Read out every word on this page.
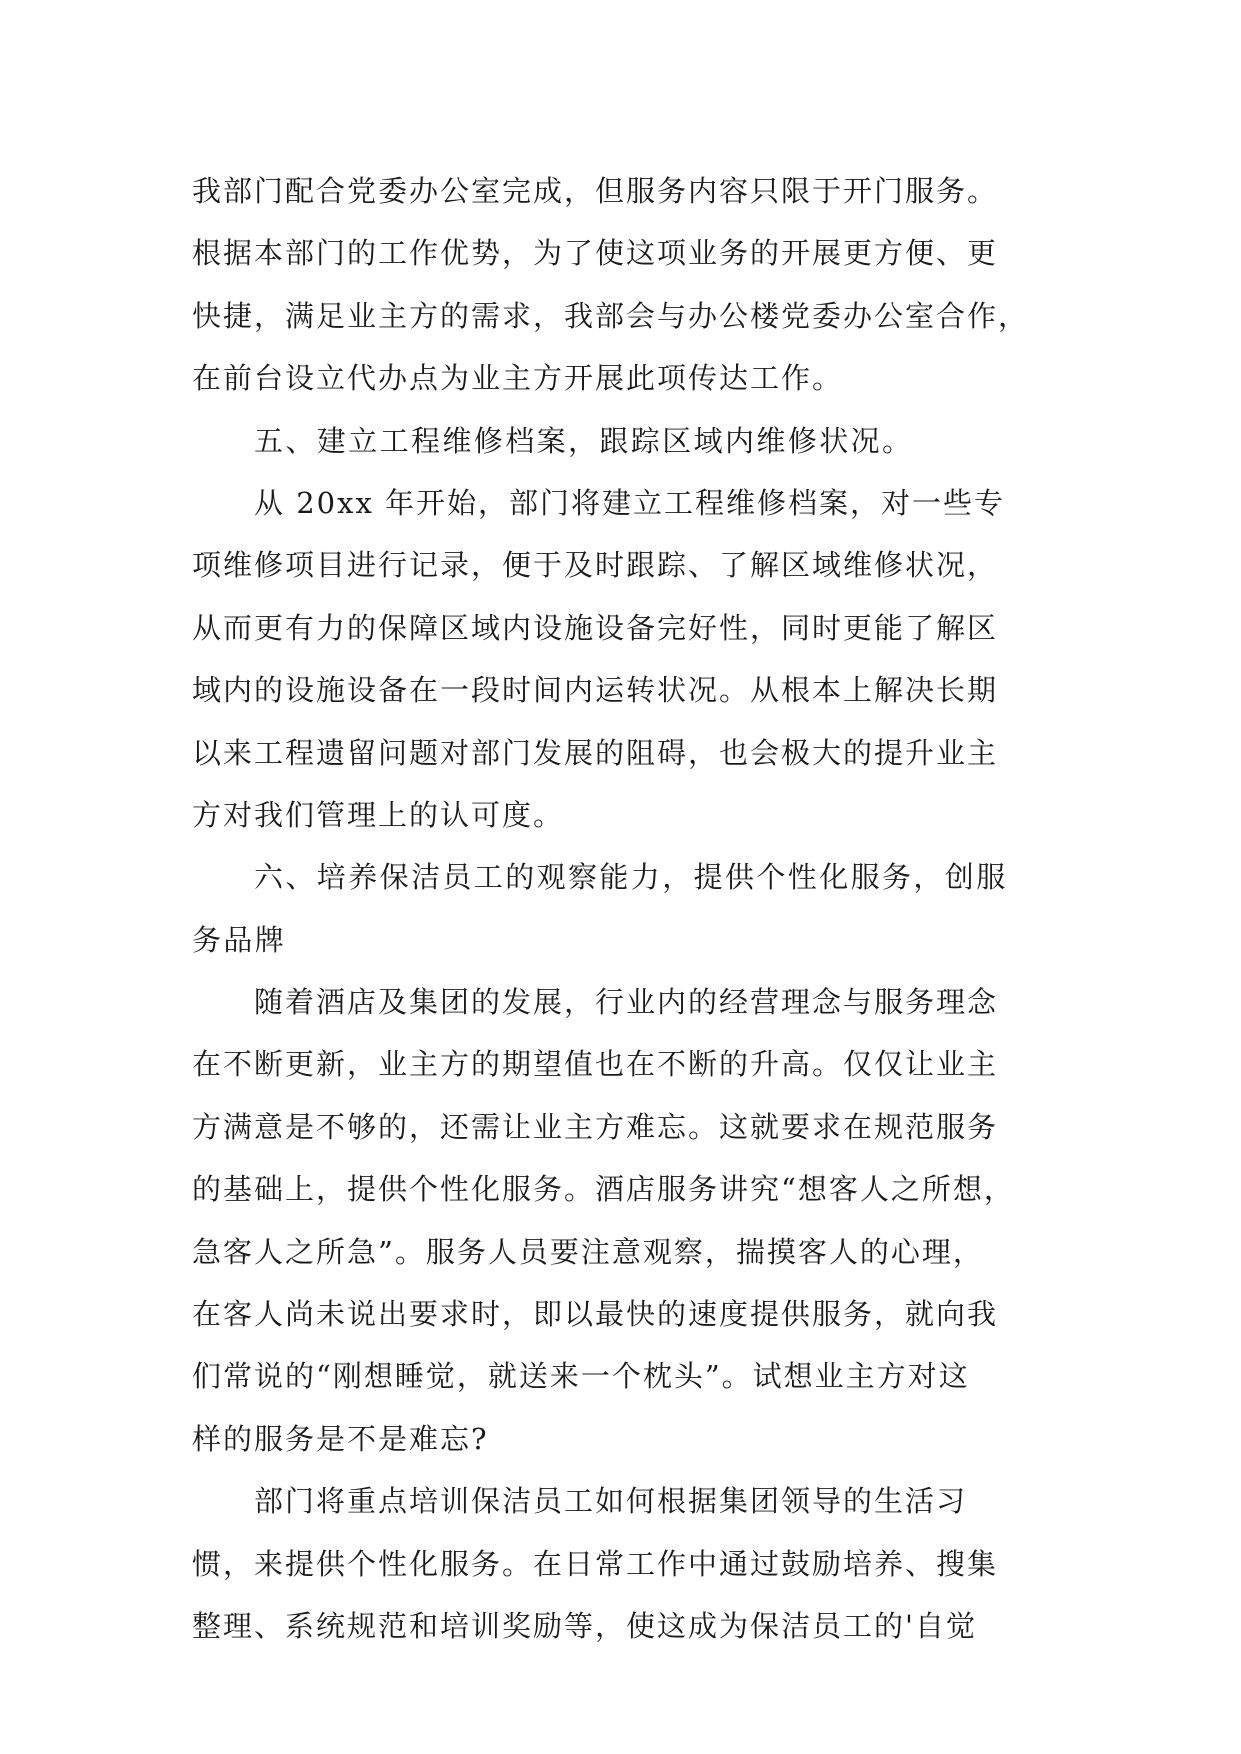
我部门配合党委办公室完成，但服务内容只限于开门服务。
根据本部门的工作优势，为了使这项业务的开展更方便、更
快捷，满足业主方的需求，我部会与办公楼党委办公室合作，
在前台设立代办点为业主方开展此项传达工作。
五、建立工程维修档案，跟踪区域内维修状况。
从 20xx 年开始，部门将建立工程维修档案，对一些专
项维修项目进行记录，便于及时跟踪、了解区域维修状况，
从而更有力的保障区域内设施设备完好性，同时更能了解区
域内的设施设备在一段时间内运转状况。从根本上解决长期
以来工程遗留问题对部门发展的阻碍，也会极大的提升业主
方对我们管理上的认可度。
六、培养保洁员工的观察能力，提供个性化服务，创服
务品牌
随着酒店及集团的发展，行业内的经营理念与服务理念
在不断更新，业主方的期望值也在不断的升高。仅仅让业主
方满意是不够的，还需让业主方难忘。这就要求在规范服务
的基础上，提供个性化服务。酒店服务讲究“想客人之所想，
急客人之所急”。服务人员要注意观察，揣摸客人的心理，
在客人尚未说出要求时，即以最快的速度提供服务，就向我
们常说的“刚想睡觉，就送来一个枕头”。试想业主方对这
样的服务是不是难忘?
部门将重点培训保洁员工如何根据集团领导的生活习
惯，来提供个性化服务。在日常工作中通过鼓励培养、搜集
整理、系统规范和培训奖励等，使这成为保洁员工的'自觉
